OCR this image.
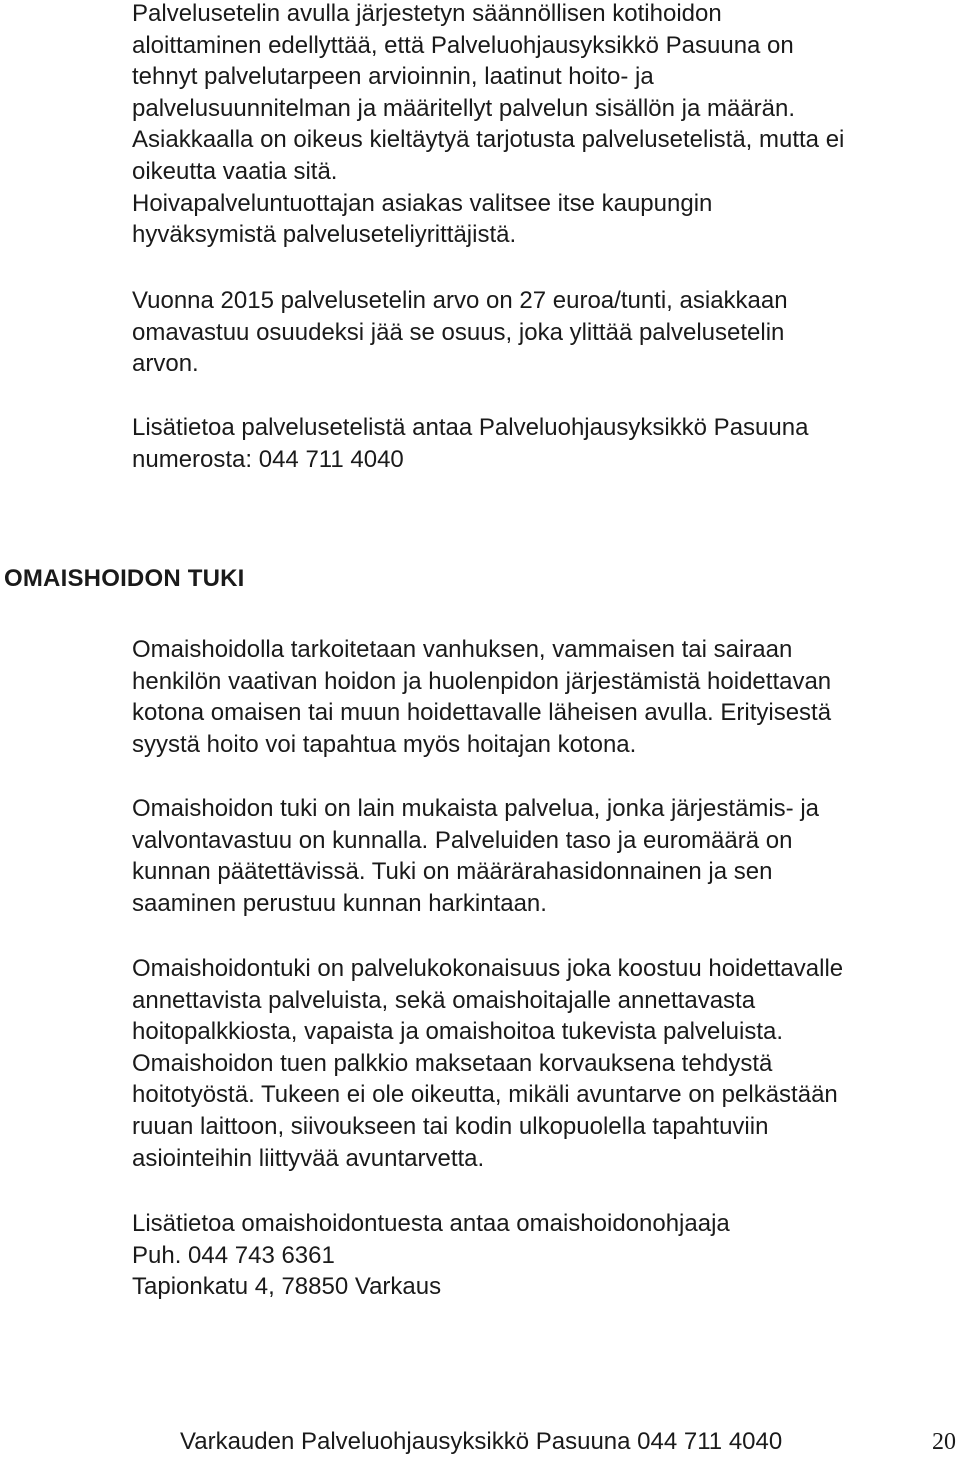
Palvelusetelin avulla järjestetyn säännöllisen kotihoidon
aloittaminen edellyttää, että Palveluohjausyksikkö Pasuuna on
tehnyt palvelutarpeen arvioinnin, laatinut hoito- ja
palvelusuunnitelman ja määritellyt palvelun sisällön ja määrän.
Asiakkaalla on oikeus kieltäytyä tarjotusta palvelusetelistä, mutta ei
oikeutta vaatia sitä.
Hoivapalveluntuottajan asiakas valitsee itse kaupungin
hyväksymistä palveluseteliyrittäjistä.
Vuonna 2015 palvelusetelin arvo on 27 euroa/tunti, asiakkaan
omavastuu osuudeksi jää se osuus, joka ylittää palvelusetelin
arvon.
Lisätietoa palvelusetelistä antaa Palveluohjausyksikkö Pasuuna
numerosta: 044 711 4040
OMAISHOIDON TUKI
Omaishoidolla tarkoitetaan vanhuksen, vammaisen tai sairaan
henkilön vaativan hoidon ja huolenpidon järjestämistä hoidettavan
kotona omaisen tai muun hoidettavalle läheisen avulla. Erityisestä
syystä hoito voi tapahtua myös hoitajan kotona.
Omaishoidon tuki on lain mukaista palvelua, jonka järjestämis- ja
valvontavastuu on kunnalla. Palveluiden taso ja euromäärä on
kunnan päätettävissä. Tuki on määrärahasidonnainen ja sen
saaminen perustuu kunnan harkintaan.
Omaishoidontuki on palvelukokonaisuus joka koostuu hoidettavalle
annettavista palveluista, sekä omaishoitajalle annettavasta
hoitopalkkiosta, vapaista ja omaishoitoa tukevista palveluista.
Omaishoidon tuen palkkio maksetaan korvauksena tehdystä
hoitotyöstä. Tukeen ei ole oikeutta, mikäli avuntarve on pelkästään
ruuan laittoon, siivoukseen tai kodin ulkopuolella tapahtuviin
asiointeihin liittyvää avuntarvetta.
Lisätietoa omaishoidontuesta antaa omaishoidonohjaaja
Puh. 044 743 6361
Tapionkatu 4, 78850 Varkaus
Varkauden Palveluohjausyksikkö Pasuuna 044 711 4040	20
